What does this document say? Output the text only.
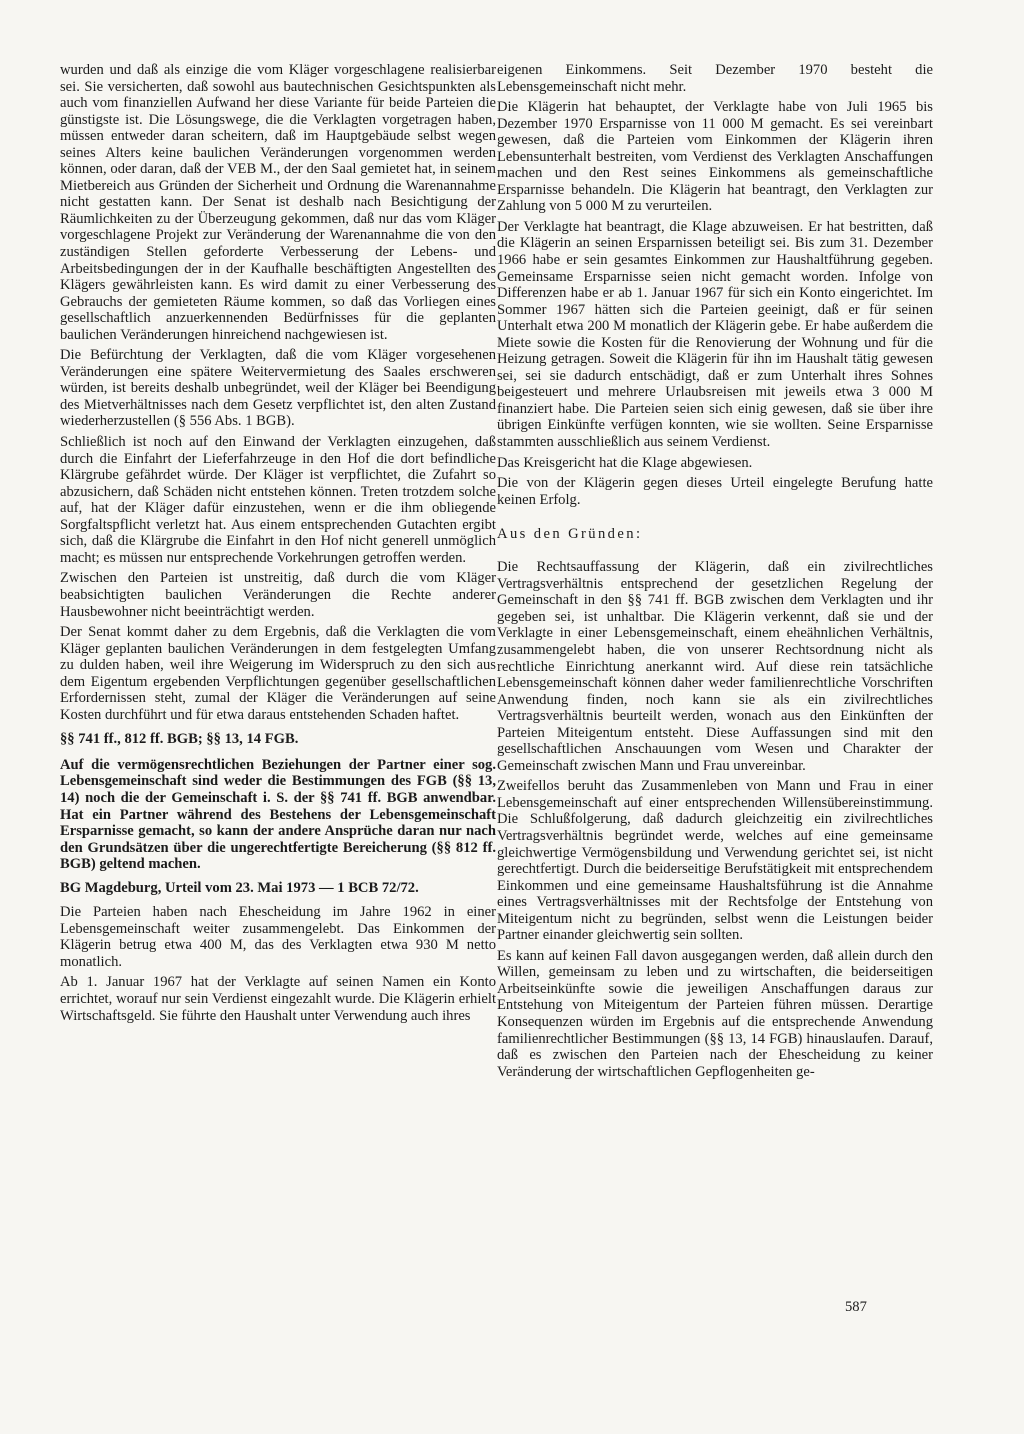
wurden und daß als einzige die vom Kläger vorgeschlagene realisierbar sei. Sie versicherten, daß sowohl aus bautechnischen Gesichtspunkten als auch vom finanziellen Aufwand her diese Variante für beide Parteien die günstigste ist. Die Lösungswege, die die Verklagten vorgetragen haben, müssen entweder daran scheitern, daß im Hauptgebäude selbst wegen seines Alters keine baulichen Veränderungen vorgenommen werden können, oder daran, daß der VEB M., der den Saal gemietet hat, in seinem Mietbereich aus Gründen der Sicherheit und Ordnung die Warenannahme nicht gestatten kann. Der Senat ist deshalb nach Besichtigung der Räumlichkeiten zu der Überzeugung gekommen, daß nur das vom Kläger vorgeschlagene Projekt zur Veränderung der Warenannahme die von den zuständigen Stellen geforderte Verbesserung der Lebens- und Arbeitsbedingungen der in der Kaufhalle beschäftigten Angestellten des Klägers gewährleisten kann. Es wird damit zu einer Verbesserung des Gebrauchs der gemieteten Räume kommen, so daß das Vorliegen eines gesellschaftlich anzuerkennenden Bedürfnisses für die geplanten baulichen Veränderungen hinreichend nachgewiesen ist.

Die Befürchtung der Verklagten, daß die vom Kläger vorgesehenen Veränderungen eine spätere Weitervermietung des Saales erschweren würden, ist bereits deshalb unbegründet, weil der Kläger bei Beendigung des Mietverhältnisses nach dem Gesetz verpflichtet ist, den alten Zustand wiederherzustellen (§ 556 Abs. 1 BGB).

Schließlich ist noch auf den Einwand der Verklagten einzugehen, daß durch die Einfahrt der Lieferfahrzeuge in den Hof die dort befindliche Klärgrube gefährdet würde. Der Kläger ist verpflichtet, die Zufahrt so abzusichern, daß Schäden nicht entstehen können. Treten trotzdem solche auf, hat der Kläger dafür einzustehen, wenn er die ihm obliegende Sorgfaltspflicht verletzt hat. Aus einem entsprechenden Gutachten ergibt sich, daß die Klärgrube die Einfahrt in den Hof nicht generell unmöglich macht; es müssen nur entsprechende Vorkehrungen getroffen werden.

Zwischen den Parteien ist unstreitig, daß durch die vom Kläger beabsichtigten baulichen Veränderungen die Rechte anderer Hausbewohner nicht beeinträchtigt werden.

Der Senat kommt daher zu dem Ergebnis, daß die Verklagten die vom Kläger geplanten baulichen Veränderungen in dem festgelegten Umfang zu dulden haben, weil ihre Weigerung im Widerspruch zu den sich aus dem Eigentum ergebenden Verpflichtungen gegenüber gesellschaftlichen Erfordernissen steht, zumal der Kläger die Veränderungen auf seine Kosten durchführt und für etwa daraus entstehenden Schaden haftet.

§§ 741 ff., 812 ff. BGB; §§ 13, 14 FGB.

Auf die vermögensrechtlichen Beziehungen der Partner einer sog. Lebensgemeinschaft sind weder die Bestimmungen des FGB (§§ 13, 14) noch die der Gemeinschaft i. S. der §§ 741 ff. BGB anwendbar. Hat ein Partner während des Bestehens der Lebensgemeinschaft Ersparnisse gemacht, so kann der andere Ansprüche daran nur nach den Grundsätzen über die ungerechtfertigte Bereicherung (§§ 812 ff. BGB) geltend machen.

BG Magdeburg, Urteil vom 23. Mai 1973 — 1 BCB 72/72.

Die Parteien haben nach Ehescheidung im Jahre 1962 in einer Lebensgemeinschaft weiter zusammengelebt. Das Einkommen der Klägerin betrug etwa 400 M, das des Verklagten etwa 930 M netto monatlich.

Ab 1. Januar 1967 hat der Verklagte auf seinen Namen ein Konto errichtet, worauf nur sein Verdienst eingezahlt wurde. Die Klägerin erhielt Wirtschaftsgeld. Sie führte den Haushalt unter Verwendung auch ihres

eigenen Einkommens. Seit Dezember 1970 besteht die Lebensgemeinschaft nicht mehr.

Die Klägerin hat behauptet, der Verklagte habe von Juli 1965 bis Dezember 1970 Ersparnisse von 11 000 M gemacht. Es sei vereinbart gewesen, daß die Parteien vom Einkommen der Klägerin ihren Lebensunterhalt bestreiten, vom Verdienst des Verklagten Anschaffungen machen und den Rest seines Einkommens als gemeinschaftliche Ersparnisse behandeln. Die Klägerin hat beantragt, den Verklagten zur Zahlung von 5 000 M zu verurteilen.

Der Verklagte hat beantragt, die Klage abzuweisen. Er hat bestritten, daß die Klägerin an seinen Ersparnissen beteiligt sei. Bis zum 31. Dezember 1966 habe er sein gesamtes Einkommen zur Haushaltführung gegeben. Gemeinsame Ersparnisse seien nicht gemacht worden. Infolge von Differenzen habe er ab 1. Januar 1967 für sich ein Konto eingerichtet. Im Sommer 1967 hätten sich die Parteien geeinigt, daß er für seinen Unterhalt etwa 200 M monatlich der Klägerin gebe. Er habe außerdem die Miete sowie die Kosten für die Renovierung der Wohnung und für die Heizung getragen. Soweit die Klägerin für ihn im Haushalt tätig gewesen sei, sei sie dadurch entschädigt, daß er zum Unterhalt ihres Sohnes beigesteuert und mehrere Urlaubsreisen mit jeweils etwa 3 000 M finanziert habe. Die Parteien seien sich einig gewesen, daß sie über ihre übrigen Einkünfte verfügen konnten, wie sie wollten. Seine Ersparnisse stammten ausschließlich aus seinem Verdienst.

Das Kreisgericht hat die Klage abgewiesen.

Die von der Klägerin gegen dieses Urteil eingelegte Berufung hatte keinen Erfolg.

Aus den Gründen:

Die Rechtsauffassung der Klägerin, daß ein zivilrechtliches Vertragsverhältnis entsprechend der gesetzlichen Regelung der Gemeinschaft in den §§ 741 ff. BGB zwischen dem Verklagten und ihr gegeben sei, ist unhaltbar. Die Klägerin verkennt, daß sie und der Verklagte in einer Lebensgemeinschaft, einem eheähnlichen Verhältnis, zusammengelebt haben, die von unserer Rechtsordnung nicht als rechtliche Einrichtung anerkannt wird. Auf diese rein tatsächliche Lebensgemeinschaft können daher weder familienrechtliche Vorschriften Anwendung finden, noch kann sie als ein zivilrechtliches Vertragsverhältnis beurteilt werden, wonach aus den Einkünften der Parteien Miteigentum entsteht. Diese Auffassungen sind mit den gesellschaftlichen Anschauungen vom Wesen und Charakter der Gemeinschaft zwischen Mann und Frau unvereinbar.

Zweifellos beruht das Zusammenleben von Mann und Frau in einer Lebensgemeinschaft auf einer entsprechenden Willensübereinstimmung. Die Schlußfolgerung, daß dadurch gleichzeitig ein zivilrechtliches Vertragsverhältnis begründet werde, welches auf eine gemeinsame gleichwertige Vermögensbildung und Verwendung gerichtet sei, ist nicht gerechtfertigt. Durch die beiderseitige Berufstätigkeit mit entsprechendem Einkommen und eine gemeinsame Haushaltsführung ist die Annahme eines Vertragsverhältnisses mit der Rechtsfolge der Entstehung von Miteigentum nicht zu begründen, selbst wenn die Leistungen beider Partner einander gleichwertig sein sollten.

Es kann auf keinen Fall davon ausgegangen werden, daß allein durch den Willen, gemeinsam zu leben und zu wirtschaften, die beiderseitigen Arbeitseinkünfte sowie die jeweiligen Anschaffungen daraus zur Entstehung von Miteigentum der Parteien führen müssen. Derartige Konsequenzen würden im Ergebnis auf die entsprechende Anwendung familienrechtlicher Bestimmungen (§§ 13, 14 FGB) hinauslaufen. Darauf, daß es zwischen den Parteien nach der Ehescheidung zu keiner Veränderung der wirtschaftlichen Gepflogenheiten ge-

587
